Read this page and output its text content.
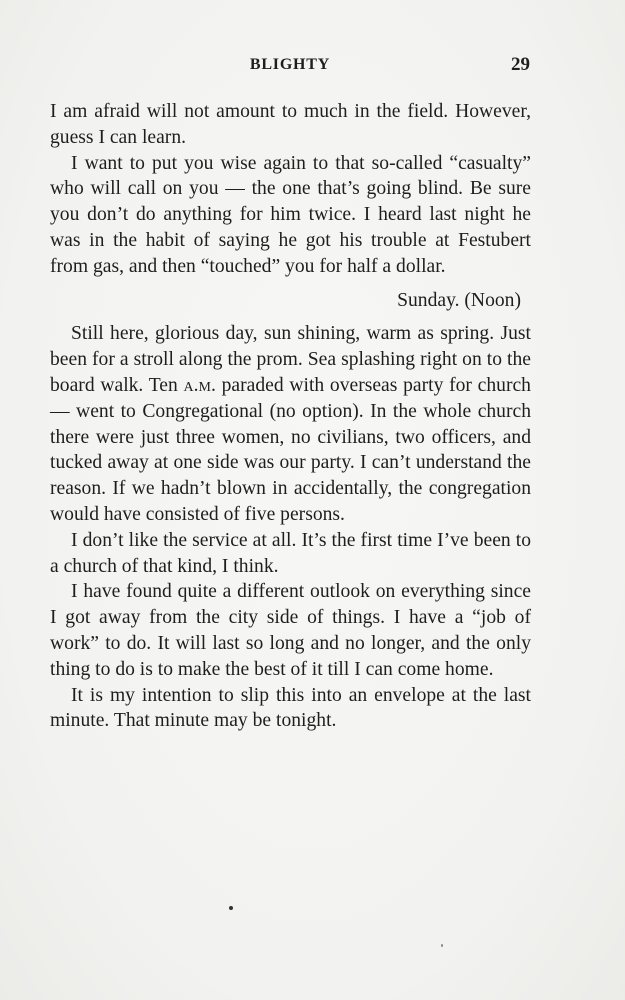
BLIGHTY	29

I am afraid will not amount to much in the field. However, guess I can learn.

I want to put you wise again to that so-called “casualty” who will call on you — the one that’s going blind. Be sure you don’t do anything for him twice. I heard last night he was in the habit of saying he got his trouble at Festubert from gas, and then “touched” you for half a dollar.

Sunday. (Noon)

Still here, glorious day, sun shining, warm as spring. Just been for a stroll along the prom. Sea splashing right on to the board walk. Ten a.m. paraded with overseas party for church — went to Congregational (no option). In the whole church there were just three women, no civilians, two officers, and tucked away at one side was our party. I can’t understand the reason. If we hadn’t blown in accidentally, the congregation would have consisted of five persons.

I don’t like the service at all. It’s the first time I’ve been to a church of that kind, I think.

I have found quite a different outlook on everything since I got away from the city side of things. I have a “job of work” to do. It will last so long and no longer, and the only thing to do is to make the best of it till I can come home.

It is my intention to slip this into an envelope at the last minute. That minute may be tonight.
